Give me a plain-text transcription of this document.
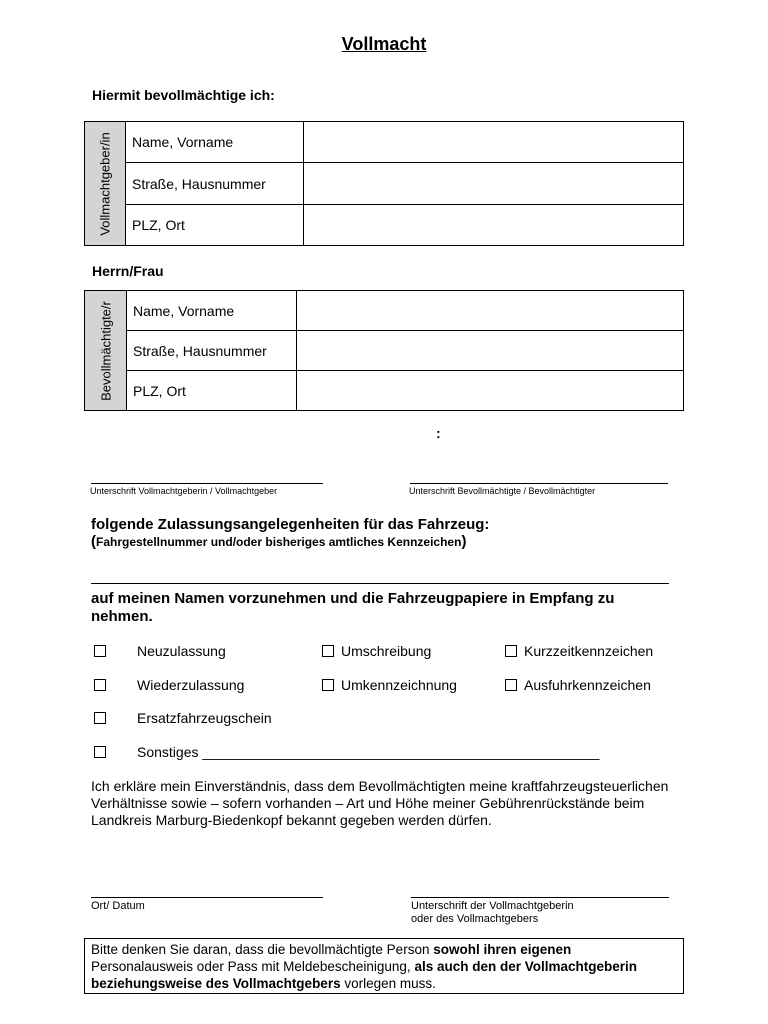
Vollmacht
Hiermit bevollmächtige ich:
Vollmachtgeber/in	Name, Vorname	
	Straße, Hausnummer	
	PLZ, Ort	
Herrn/Frau
Bevollmächtigte/r	Name, Vorname	
	Straße, Hausnummer	
	PLZ, Ort	
:
Unterschrift Vollmachtgeberin / Vollmachtgeber	Unterschrift Bevollmächtigte / Bevollmächtigter
folgende Zulassungsangelegenheiten für das Fahrzeug:
(Fahrgestellnummer und/oder bisheriges amtliches Kennzeichen)
auf meinen Namen vorzunehmen und die Fahrzeugpapiere in Empfang zu
nehmen.
Neuzulassung	Umschreibung	Kurzzeitkennzeichen
Wiederzulassung	Umkennzeichnung	Ausfuhrkennzeichen
Ersatzfahrzeugschein
Sonstiges ___________________________________________________
Ich erkläre mein Einverständnis, dass dem Bevollmächtigten meine kraftfahrzeugsteuerlichen Verhältnisse sowie – sofern vorhanden – Art und Höhe meiner Gebührenrückstände beim Landkreis Marburg-Biedenkopf bekannt gegeben werden dürfen.
Ort/ Datum	Unterschrift der Vollmachtgeberin
oder des Vollmachtgebers
Bitte denken Sie daran, dass die bevollmächtigte Person sowohl ihren eigenen Personalausweis oder Pass mit Meldebescheinigung, als auch den der Vollmachtgeberin beziehungsweise des Vollmachtgebers vorlegen muss.
